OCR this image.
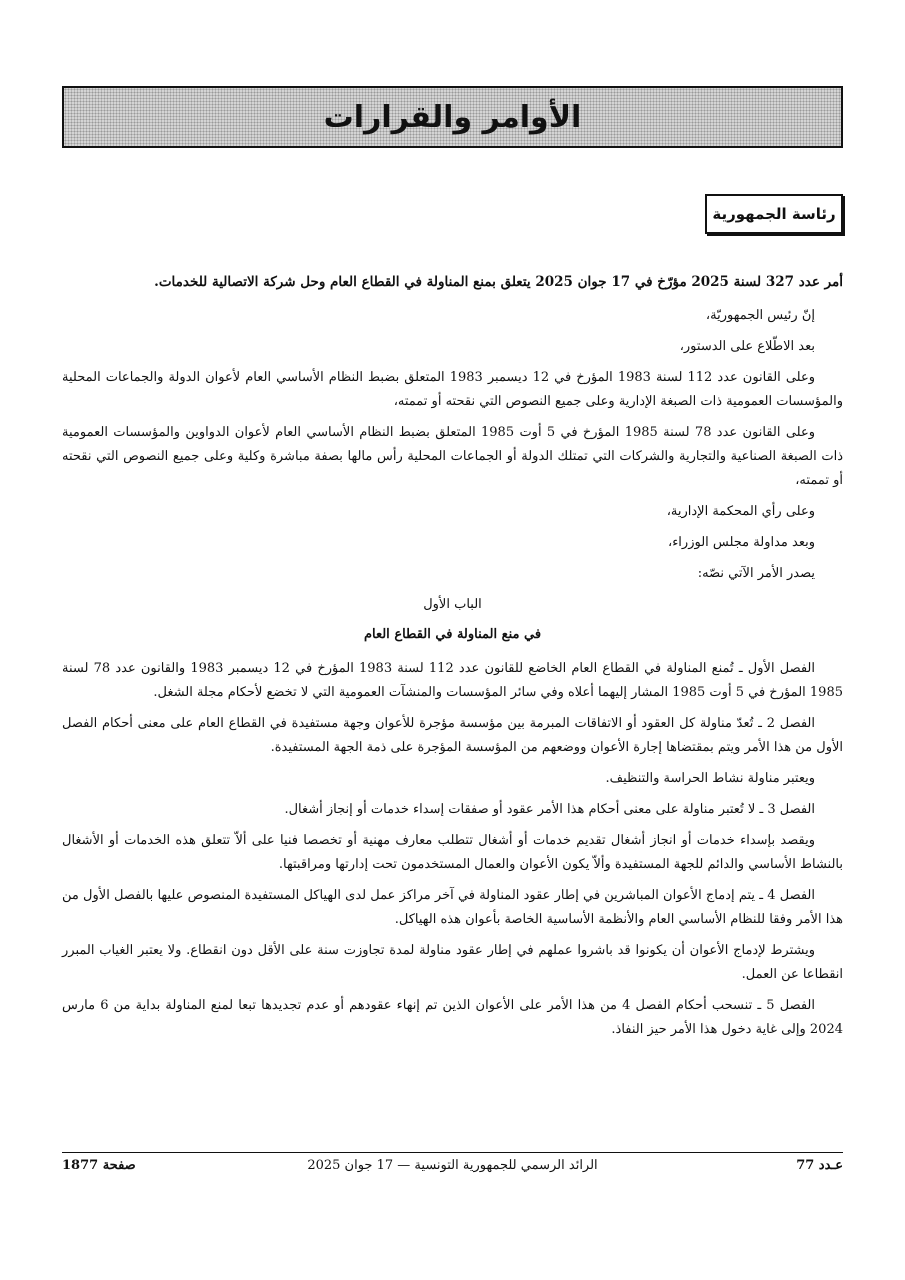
الأوامر والقرارات
رئاسة الجمهورية

أمر عدد 327 لسنة 2025 مؤرّخ في 17 جوان 2025 يتعلق بمنع المناولة في القطاع العام وحل شركة الاتصالية للخدمات.

إنّ رئيس الجمهوريّة،

بعد الاطّلاع على الدستور،

وعلى القانون عدد 112 لسنة 1983 المؤرخ في 12 ديسمبر 1983 المتعلق بضبط النظام الأساسي العام لأعوان الدولة والجماعات المحلية والمؤسسات العمومية ذات الصبغة الإدارية وعلى جميع النصوص التي نقحته أو تممته،

وعلى القانون عدد 78 لسنة 1985 المؤرخ في 5 أوت 1985 المتعلق بضبط النظام الأساسي العام لأعوان الدواوين والمؤسسات العمومية ذات الصبغة الصناعية والتجارية والشركات التي تمتلك الدولة أو الجماعات المحلية رأس مالها بصفة مباشرة وكلية وعلى جميع النصوص التي نقحته أو تممته،

وعلى رأي المحكمة الإدارية،

وبعد مداولة مجلس الوزراء،

يصدر الأمر الآتي نصّه:

الباب الأول

في منع المناولة في القطاع العام

الفصل الأول ـ تُمنع المناولة في القطاع العام الخاضع للقانون عدد 112 لسنة 1983 المؤرخ في 12 ديسمبر 1983 والقانون عدد 78 لسنة 1985 المؤرخ في 5 أوت 1985 المشار إليهما أعلاه وفي سائر المؤسسات والمنشآت العمومية التي لا تخضع لأحكام مجلة الشغل.

الفصل 2 ـ تُعدّ مناولة كل العقود أو الاتفاقات المبرمة بين مؤسسة مؤجرة للأعوان وجهة مستفيدة في القطاع العام على معنى أحكام الفصل الأول من هذا الأمر ويتم بمقتضاها إجارة الأعوان ووضعهم من المؤسسة المؤجرة على ذمة الجهة المستفيدة.

ويعتبر مناولة نشاط الحراسة والتنظيف.

الفصل 3 ـ لا تُعتبر مناولة على معنى أحكام هذا الأمر عقود أو صفقات إسداء خدمات أو إنجاز أشغال.

ويقصد بإسداء خدمات أو انجاز أشغال تقديم خدمات أو أشغال تتطلب معارف مهنية أو تخصصا فنيا على ألاّ تتعلق هذه الخدمات أو الأشغال بالنشاط الأساسي والدائم للجهة المستفيدة وألاّ يكون الأعوان والعمال المستخدمون تحت إدارتها ومراقبتها.

الفصل 4 ـ يتم إدماج الأعوان المباشرين في إطار عقود المناولة في آخر مراكز عمل لدى الهياكل المستفيدة المنصوص عليها بالفصل الأول من هذا الأمر وفقا للنظام الأساسي العام والأنظمة الأساسية الخاصة بأعوان هذه الهياكل.

ويشترط لإدماج الأعوان أن يكونوا قد باشروا عملهم في إطار عقود مناولة لمدة تجاوزت سنة على الأقل دون انقطاع. ولا يعتبر الغياب المبرر انقطاعا عن العمل.

الفصل 5 ـ تنسحب أحكام الفصل 4 من هذا الأمر على الأعوان الذين تم إنهاء عقودهم أو عدم تجديدها تبعا لمنع المناولة بداية من 6 مارس 2024 وإلى غاية دخول هذا الأمر حيز النفاذ.

عـدد 77
الرائد الرسمي للجمهورية التونسية — 17 جوان 2025
صفحة 1877
